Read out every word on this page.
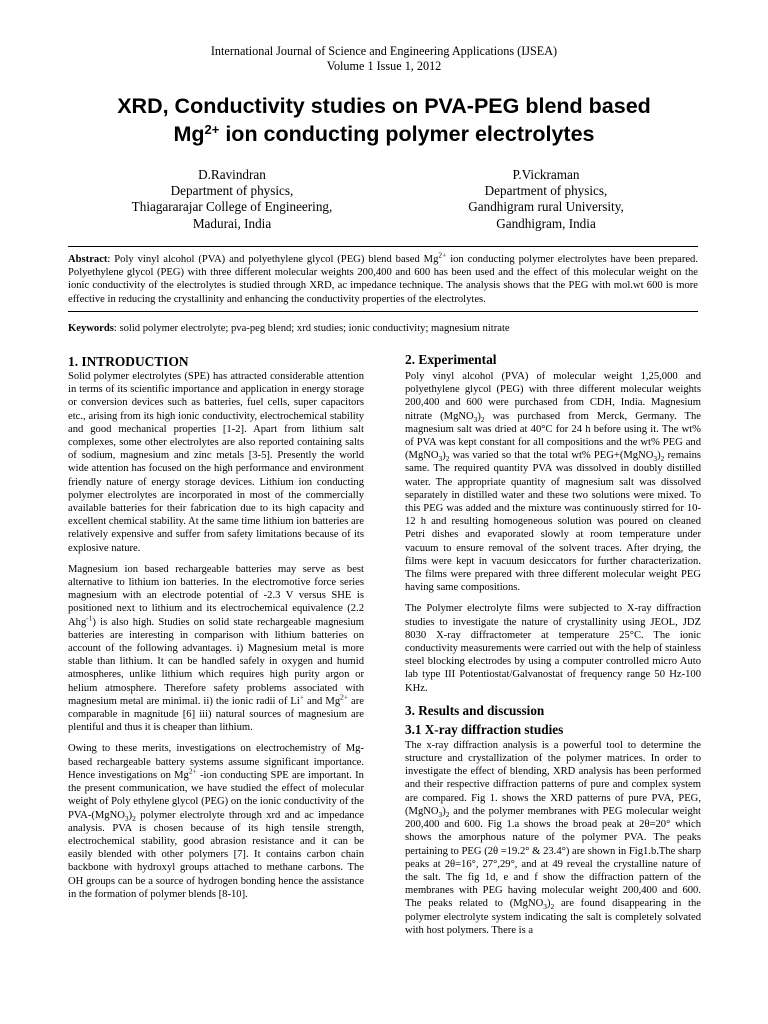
International Journal of Science and Engineering Applications (IJSEA)
Volume 1 Issue 1, 2012
XRD, Conductivity studies on PVA-PEG blend based
$Mg^{2+}$ ion conducting polymer electrolytes
D.Ravindran
Department of physics,
Thiagararajar College of Engineering,
Madurai, India
P.Vickraman
Department of physics,
Gandhigram rural University,
Gandhigram, India
Abstract: Poly vinyl alcohol (PVA) and polyethylene glycol (PEG) blend based $Mg^{2+}$ ion conducting polymer electrolytes have been prepared. Polyethylene glycol (PEG) with three different molecular weights 200,400 and 600 has been used and the effect of this molecular weight on the ionic conductivity of the electrolytes is studied through XRD, ac impedance technique. The analysis shows that the PEG with mol.wt 600 is more effective in reducing the crystallinity and enhancing the conductivity properties of the electrolytes.
Keywords: solid polymer electrolyte; pva-peg blend; xrd studies; ionic conductivity; magnesium nitrate
1. INTRODUCTION

Solid polymer electrolytes (SPE) has attracted considerable attention in terms of its scientific importance and application in energy storage or conversion devices such as batteries, fuel cells, super capacitors etc., arising from its high ionic conductivity, electrochemical stability and good mechanical properties [1-2]. Apart from lithium salt complexes, some other electrolytes are also reported containing salts of sodium, magnesium and zinc metals [3-5]. Presently the world wide attention has focused on the high performance and environment friendly nature of energy storage devices. Lithium ion conducting polymer electrolytes are incorporated in most of the commercially available batteries for their fabrication due to its high capacity and excellent chemical stability. At the same time lithium ion batteries are relatively expensive and suffer from safety limitations because of its explosive nature.

Magnesium ion based rechargeable batteries may serve as best alternative to lithium ion batteries. In the electromotive force series magnesium with an electrode potential of -2.3 V versus SHE is positioned next to lithium and its electrochemical equivalence (2.2 Ahg$^{-1}$) is also high. Studies on solid state rechargeable magnesium batteries are interesting in comparison with lithium batteries on account of the following advantages. i) Magnesium metal is more stable than lithium. It can be handled safely in oxygen and humid atmospheres, unlike lithium which requires high purity argon or helium atmosphere. Therefore safety problems associated with magnesium metal are minimal. ii) the ionic radii of Li+ and $Mg^{2+}$ are comparable in magnitude [6] iii) natural sources of magnesium are plentiful and thus it is cheaper than lithium.

Owing to these merits, investigations on electrochemistry of Mg-based rechargeable battery systems assume significant importance. Hence investigations on $Mg^{2+}$ -ion conducting SPE are important. In the present communication, we have studied the effect of molecular weight of Poly ethylene glycol (PEG) on the ionic conductivity of the PVA-$(MgNO_3)_2$ polymer electrolyte through xrd and ac impedance analysis. PVA is chosen because of its high tensile strength, electrochemical stability, good abrasion resistance and it can be easily blended with other polymers [7]. It contains carbon chain backbone with hydroxyl groups attached to methane carbons. The OH groups can be a source of hydrogen bonding hence the assistance in the formation of polymer blends [8-10].

2. Experimental

Poly vinyl alcohol (PVA) of molecular weight 1,25,000 and polyethylene glycol (PEG) with three different molecular weights 200,400 and 600 were purchased from CDH, India. Magnesium nitrate $(MgNO_3)_2$ was purchased from Merck, Germany. The magnesium salt was dried at 40°C for 24 h before using it. The wt% of PVA was kept constant for all compositions and the wt% PEG and $(MgNO_3)_2$ was varied so that the total wt% $PEG+(MgNO_3)_2$ remains same. The required quantity PVA was dissolved in doubly distilled water. The appropriate quantity of magnesium salt was dissolved separately in distilled water and these two solutions were mixed. To this PEG was added and the mixture was continuously stirred for 10-12 h and resulting homogeneous solution was poured on cleaned Petri dishes and evaporated slowly at room temperature under vacuum to ensure removal of the solvent traces. After drying, the films were kept in vacuum desiccators for further characterization. The films were prepared with three different molecular weight PEG having same compositions.

The Polymer electrolyte films were subjected to X-ray diffraction studies to investigate the nature of crystallinity using JEOL, JDZ 8030 X-ray diffractometer at temperature 25°C. The ionic conductivity measurements were carried out with the help of stainless steel blocking electrodes by using a computer controlled micro Auto lab type III Potentiostat/Galvanostat of frequency range 50 Hz-100 KHz.

3. Results and discussion
3.1 X-ray diffraction studies

The x-ray diffraction analysis is a powerful tool to determine the structure and crystallization of the polymer matrices. In order to investigate the effect of blending, XRD analysis has been performed and their respective diffraction patterns of pure and complex system are compared. Fig 1. shows the XRD patterns of pure PVA, PEG, $(MgNO_3)_2$ and the polymer membranes with PEG molecular weight 200,400 and 600. Fig 1.a shows the broad peak at 2θ=20° which shows the amorphous nature of the polymer PVA. The peaks pertaining to PEG (2θ =19.2° & 23.4°) are shown in Fig1.b.The sharp peaks at 2θ=16°, 27°,29°, and at 49 reveal the crystalline nature of the salt. The fig 1d, e and f show the diffraction pattern of the membranes with PEG having molecular weight 200,400 and 600. The peaks related to $(MgNO_3)_2$ are found disappearing in the polymer electrolyte system indicating the salt is completely solvated with host polymers. There is a
